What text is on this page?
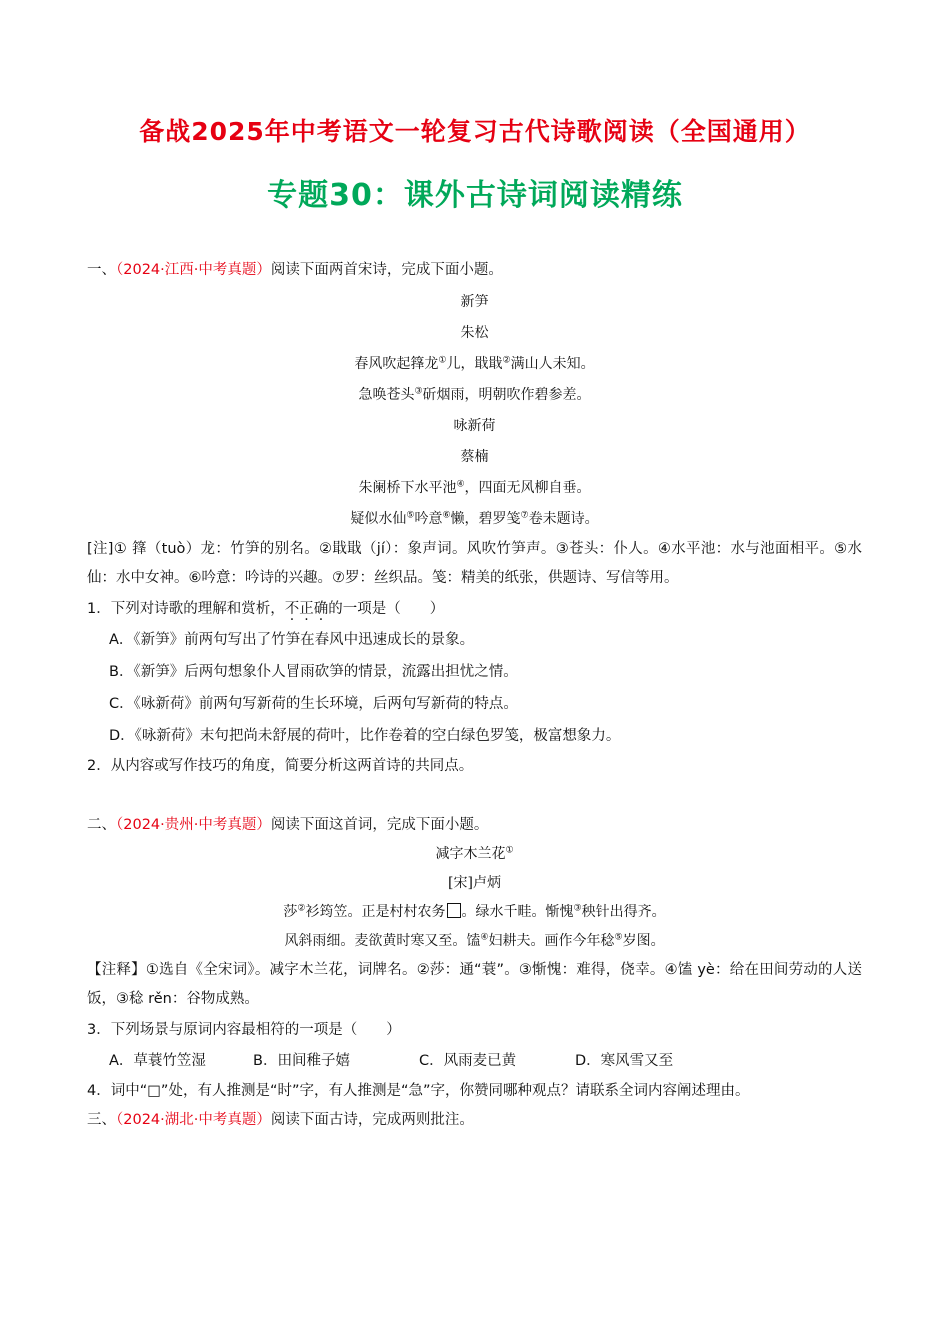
备战2025年中考语文一轮复习古代诗歌阅读（全国通用）
专题30：课外古诗词阅读精练

一、（2024·江西·中考真题）阅读下面两首宋诗，完成下面小题。

新笋

朱松

春风吹起箨龙①儿，戢戢②满山人未知。

急唤苍头③斫烟雨，明朝吹作碧参差。

咏新荷

蔡楠

朱阑桥下水平池④，四面无风柳自垂。

疑似水仙⑤吟意⑥懒，碧罗笺⑦卷未题诗。

[注]① 箨（tuò）龙：竹笋的别名。②戢戢（jí）：象声词。风吹竹笋声。③苍头：仆人。④水平池：水与池面相平。⑤水仙：水中女神。⑥吟意：吟诗的兴趣。⑦罗：丝织品。笺：精美的纸张，供题诗、写信等用。

1．下列对诗歌的理解和赏析，不正确的一项是（　　）

A．《新笋》前两句写出了竹笋在春风中迅速成长的景象。

B．《新笋》后两句想象仆人冒雨砍笋的情景，流露出担忧之情。

C．《咏新荷》前两句写新荷的生长环境，后两句写新荷的特点。

D．《咏新荷》末句把尚未舒展的荷叶，比作卷着的空白绿色罗笺，极富想象力。

2．从内容或写作技巧的角度，简要分析这两首诗的共同点。

二、（2024·贵州·中考真题）阅读下面这首词，完成下面小题。

减字木兰花①

[宋]卢炳

莎②衫筠笠。正是村村农务 。绿水千畦。惭愧③秧针出得齐。

风斜雨细。麦欲黄时寒又至。馌④妇耕夫。画作今年稔⑤岁图。

【注释】①选自《全宋词》。减字木兰花，词牌名。②莎：通“蓑”。③惭愧：难得，侥幸。④馌 yè：给在田间劳动的人送饭，③稔 rěn：谷物成熟。

3．下列场景与原词内容最相符的一项是（　　）

A．草蓑竹笠湿	B．田间稚子嬉	C．风雨麦已黄	D．寒风雪又至

4．词中“□”处，有人推测是“时”字，有人推测是“急”字，你赞同哪种观点？请联系全词内容阐述理由。

三、（2024·湖北·中考真题）阅读下面古诗，完成两则批注。
